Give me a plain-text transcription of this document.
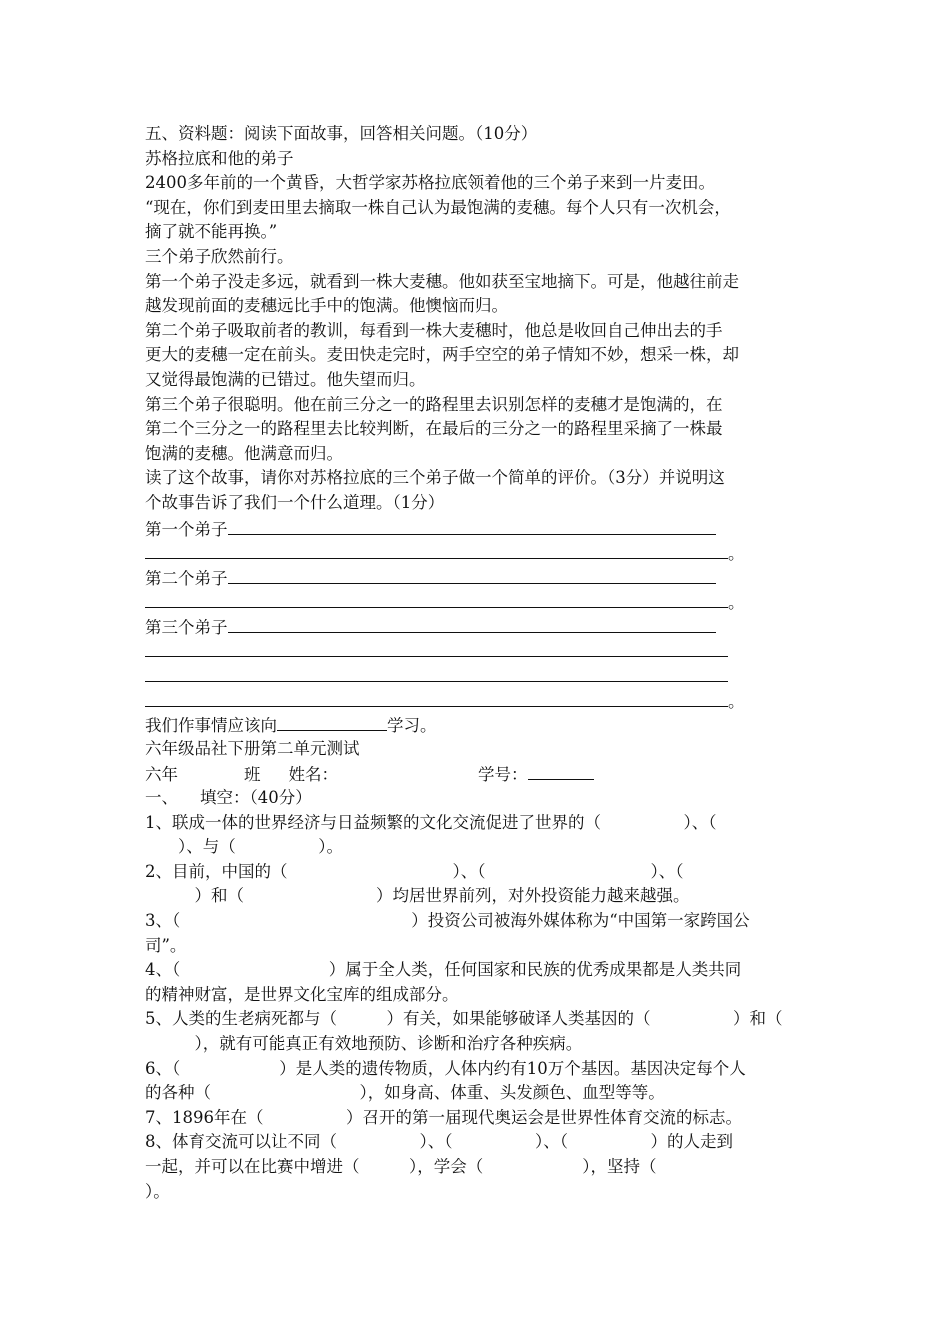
五、资料题：阅读下面故事，回答相关问题。（10分）
苏格拉底和他的弟子
2400多年前的一个黄昏，大哲学家苏格拉底领着他的三个弟子来到一片麦田。
“现在，你们到麦田里去摘取一株自己认为最饱满的麦穗。每个人只有一次机会，
摘了就不能再换。”
三个弟子欣然前行。
第一个弟子没走多远，就看到一株大麦穗。他如获至宝地摘下。可是，他越往前走
越发现前面的麦穗远比手中的饱满。他懊恼而归。
第二个弟子吸取前者的教训，每看到一株大麦穗时，他总是收回自己伸出去的手
更大的麦穗一定在前头。麦田快走完时，两手空空的弟子情知不妙，想采一株，却
又觉得最饱满的已错过。他失望而归。
第三个弟子很聪明。他在前三分之一的路程里去识别怎样的麦穗才是饱满的，在
第二个三分之一的路程里去比较判断，在最后的三分之一的路程里采摘了一株最
饱满的麦穗。他满意而归。
读了这个故事，请你对苏格拉底的三个弟子做一个简单的评价。（3分）并说明这
个故事告诉了我们一个什么道理。（1分）
第一个弟子
。
第二个弟子
。
第三个弟子
。
我们作事情应该向	学习。
六年级品社下册第二单元测试
六年	班 姓名：	学号：
一、 填空：（40分）
1、联成一体的世界经济与日益频繁的文化交流促进了世界的（　　　　　）、（
　　）、与（　　　　　）。
2、目前，中国的（　　　　　　　　　　）、（　　　　　　　　　　）、（
　　　）和（　　　　　　　　）均居世界前列，对外投资能力越来越强。
3、（　　　　　　　　　　　　　　）投资公司被海外媒体称为“中国第一家跨国公
司”。
4、（　　　　　　　　　）属于全人类，任何国家和民族的优秀成果都是人类共同
的精神财富，是世界文化宝库的组成部分。
5、人类的生老病死都与（　　　）有关，如果能够破译人类基因的（　　　　　）和（
　　　），就有可能真正有效地预防、诊断和治疗各种疾病。
6、（　　　　　　）是人类的遗传物质，人体内约有10万个基因。基因决定每个人
的各种（　　　　　　　　　），如身高、体重、头发颜色、血型等等。
7、1896年在（　　　　　）召开的第一届现代奥运会是世界性体育交流的标志。
8、体育交流可以让不同（　　　　　）、（　　　　　）、（　　　　　）的人走到
一起，并可以在比赛中增进（　　　），学会（　　　　　　），坚持（
）。
